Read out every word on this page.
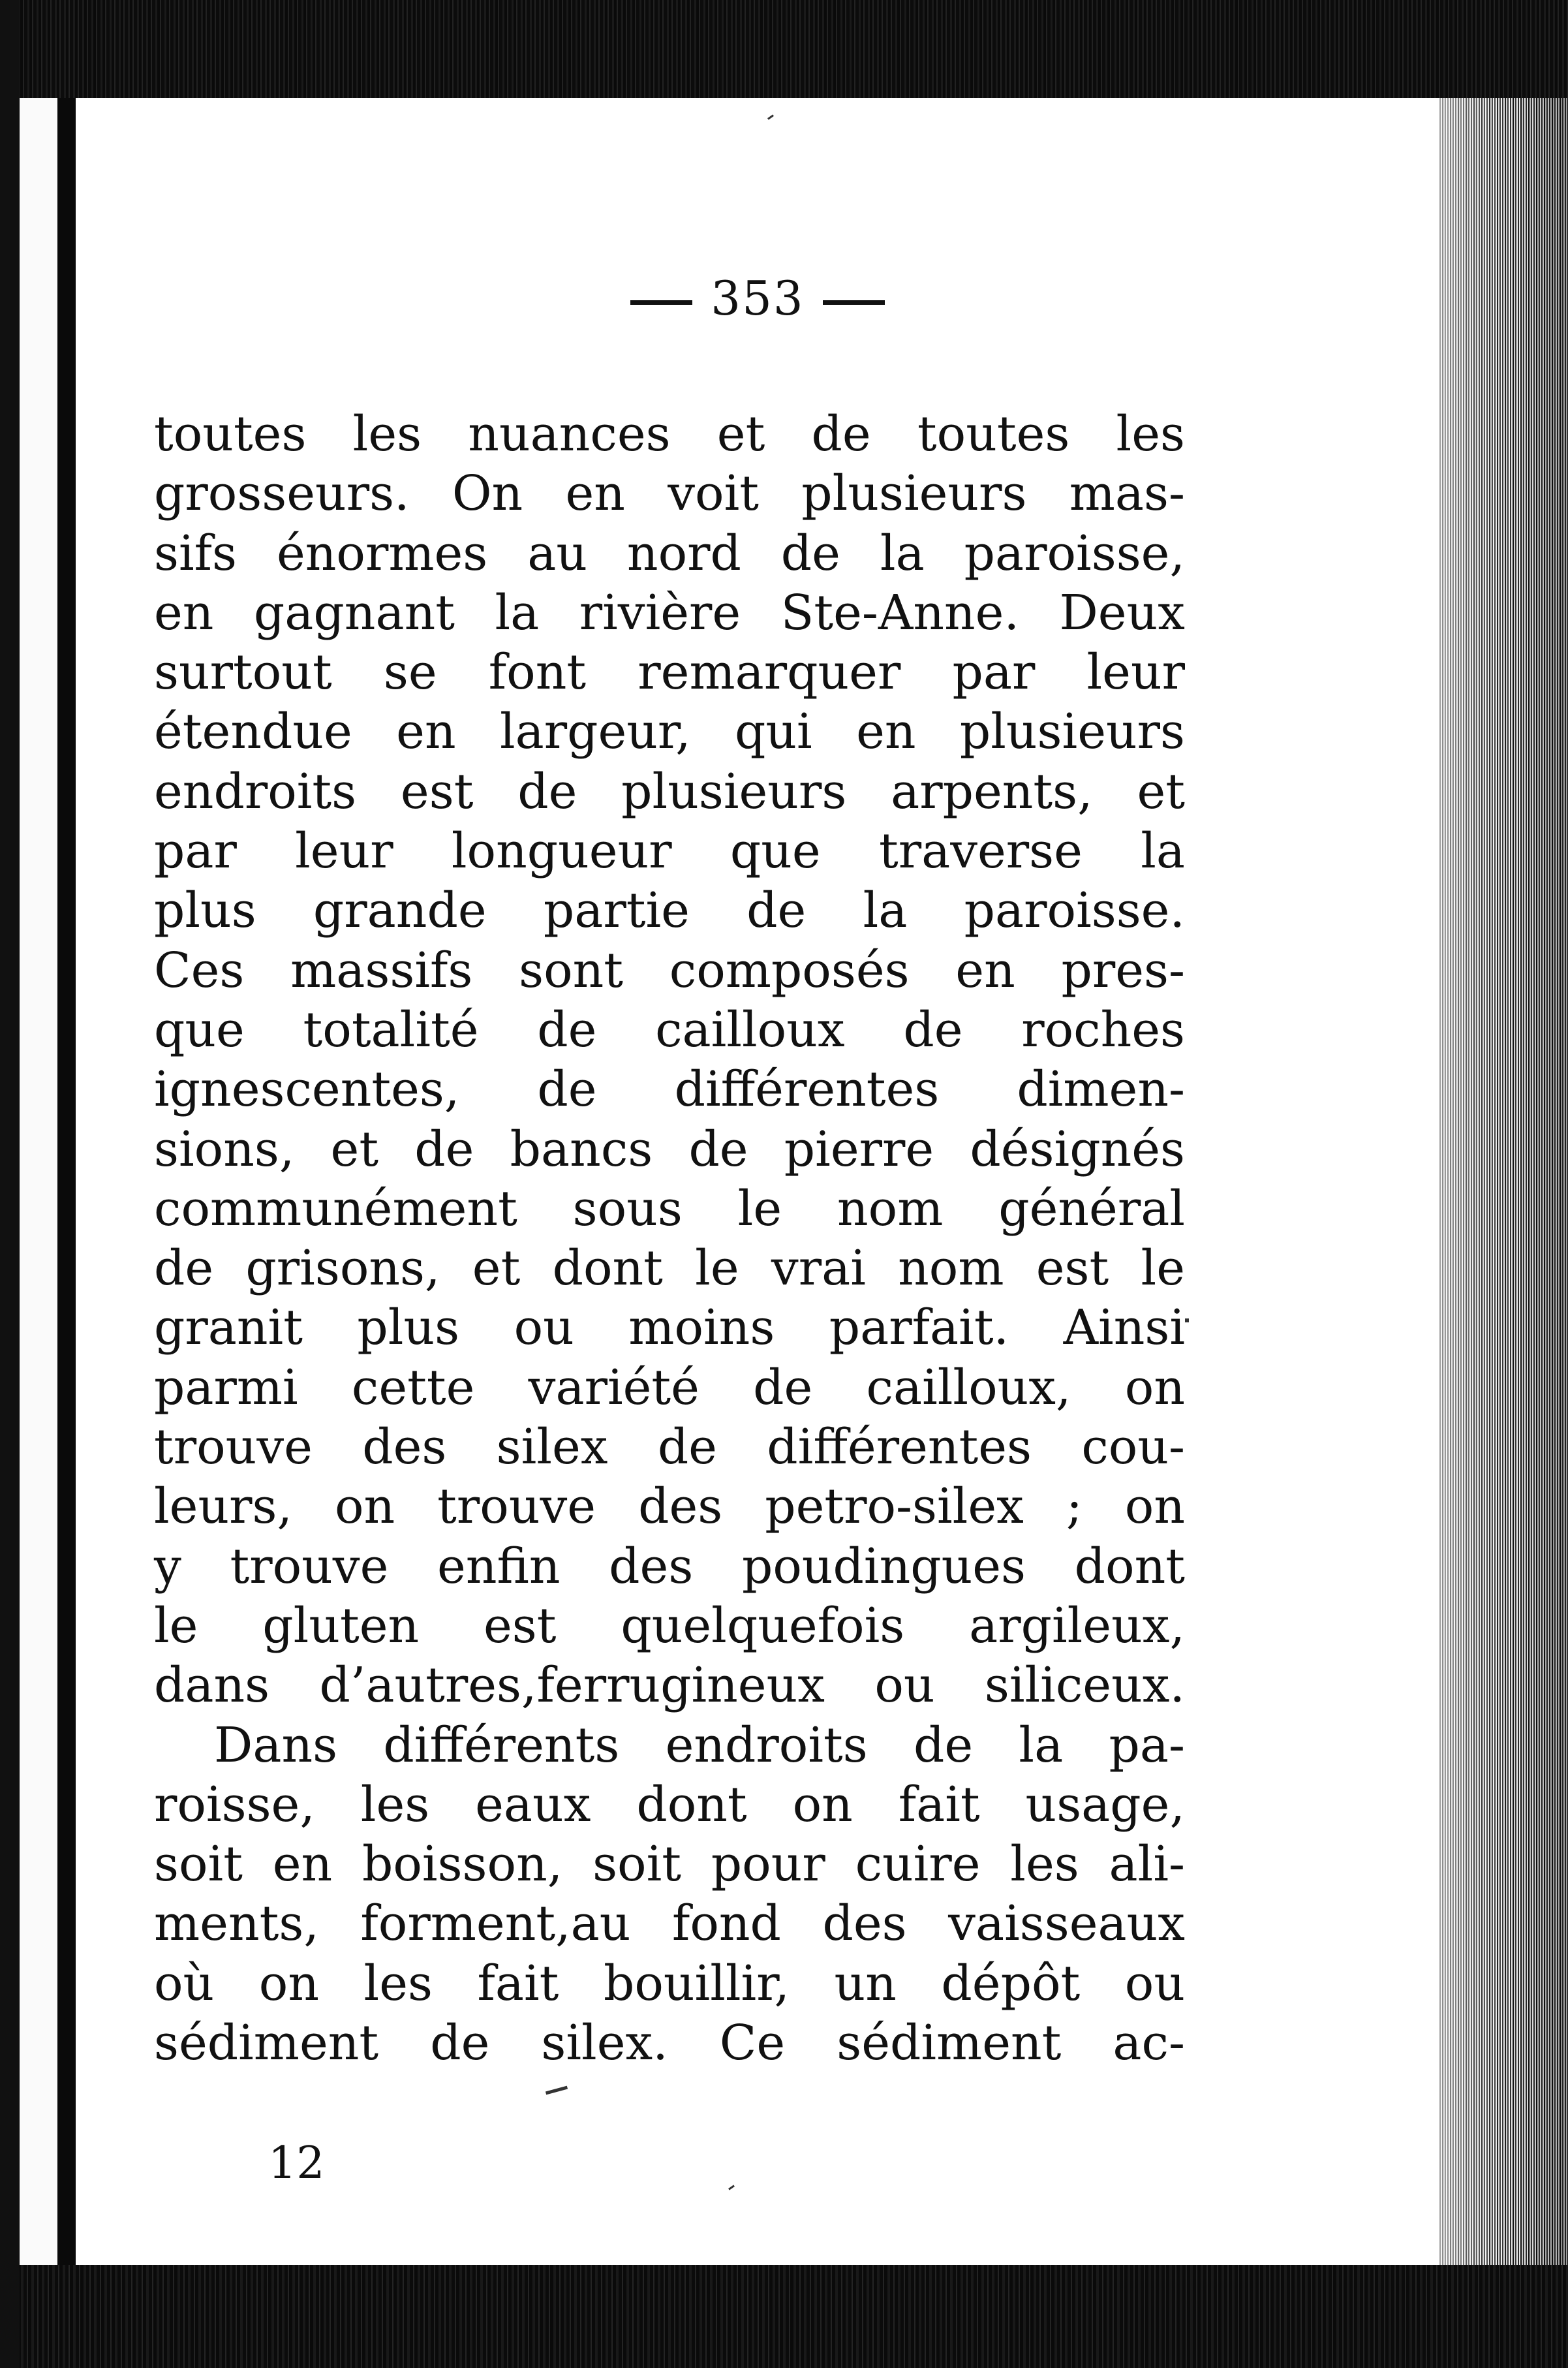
353
toutes les nuances et de toutes les
grosseurs. On en voit plusieurs mas-
sifs énormes au nord de la paroisse,
en gagnant la rivière Ste-Anne. Deux
surtout se font remarquer par leur
étendue en largeur, qui en plusieurs
endroits est de plusieurs arpents, et
par leur longueur que traverse la
plus grande partie de la paroisse.
Ces massifs sont composés en pres-
que totalité de cailloux de roches
ignescentes, de différentes dimen-
sions, et de bancs de pierre désignés
communément sous le nom général
de grisons, et dont le vrai nom est le
granit plus ou moins parfait. Ainsi
parmi cette variété de cailloux, on
trouve des silex de différentes cou-
leurs, on trouve des petro-silex ; on
y trouve enfin des poudingues dont
le gluten est quelquefois argileux,
dans d’autres,ferrugineux ou siliceux.
Dans différents endroits de la pa-
roisse, les eaux dont on fait usage,
soit en boisson, soit pour cuire les ali-
ments, forment,au fond des vaisseaux
où on les fait bouillir, un dépôt ou
sédiment de silex. Ce sédiment ac-
12
